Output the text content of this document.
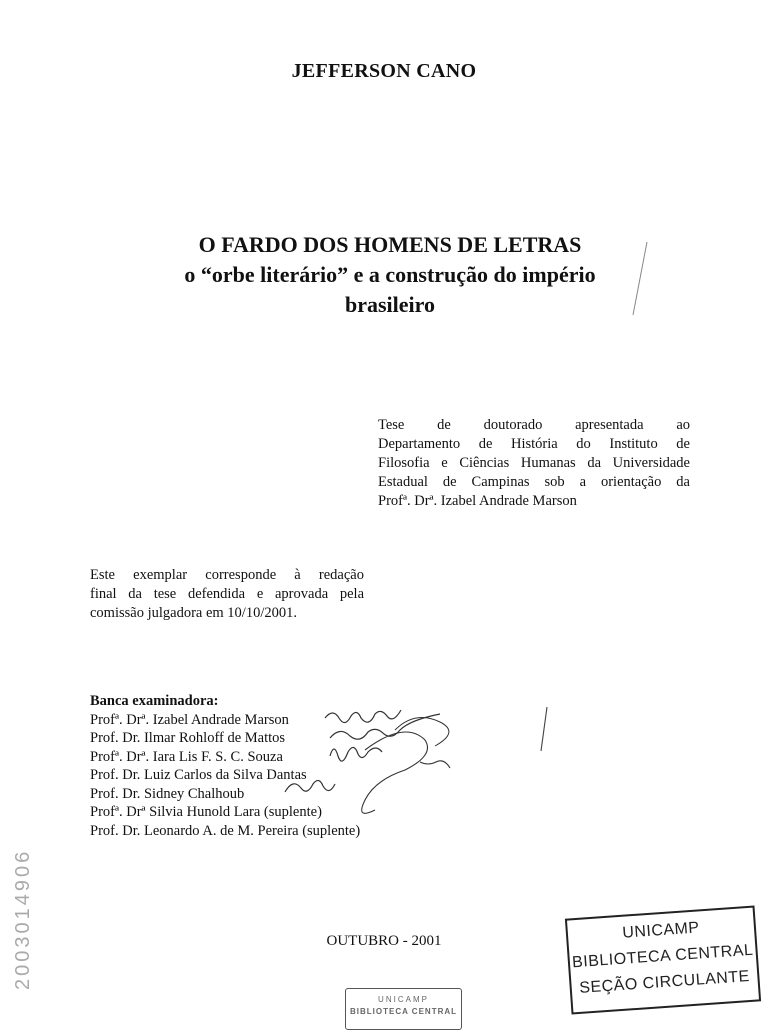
JEFFERSON CANO
O FARDO DOS HOMENS DE LETRAS
o “orbe literário” e a construção do império
brasileiro
Tese de doutorado apresentada ao
Departamento de História do Instituto de
Filosofia e Ciências Humanas da Universidade
Estadual de Campinas sob a orientação da
Profª. Drª. Izabel Andrade Marson
Este exemplar corresponde à redação
final da tese defendida e aprovada pela
comissão julgadora em 10/10/2001.
Banca examinadora:
Profª. Drª. Izabel Andrade Marson
Prof. Dr. Ilmar Rohloff de Mattos
Profª. Drª. Iara Lis F. S. C. Souza
Prof. Dr. Luiz Carlos da Silva Dantas
Prof. Dr. Sidney Chalhoub
Profª. Drª Silvia Hunold Lara (suplente)
Prof. Dr. Leonardo A. de M. Pereira (suplente)
OUTUBRO - 2001	UNICAMP
BIBLIOTECA CENTRAL
SEÇÃO CIRCULANTE
2003014906
UNICAMP
BIBLIOTECA CENTRAL
